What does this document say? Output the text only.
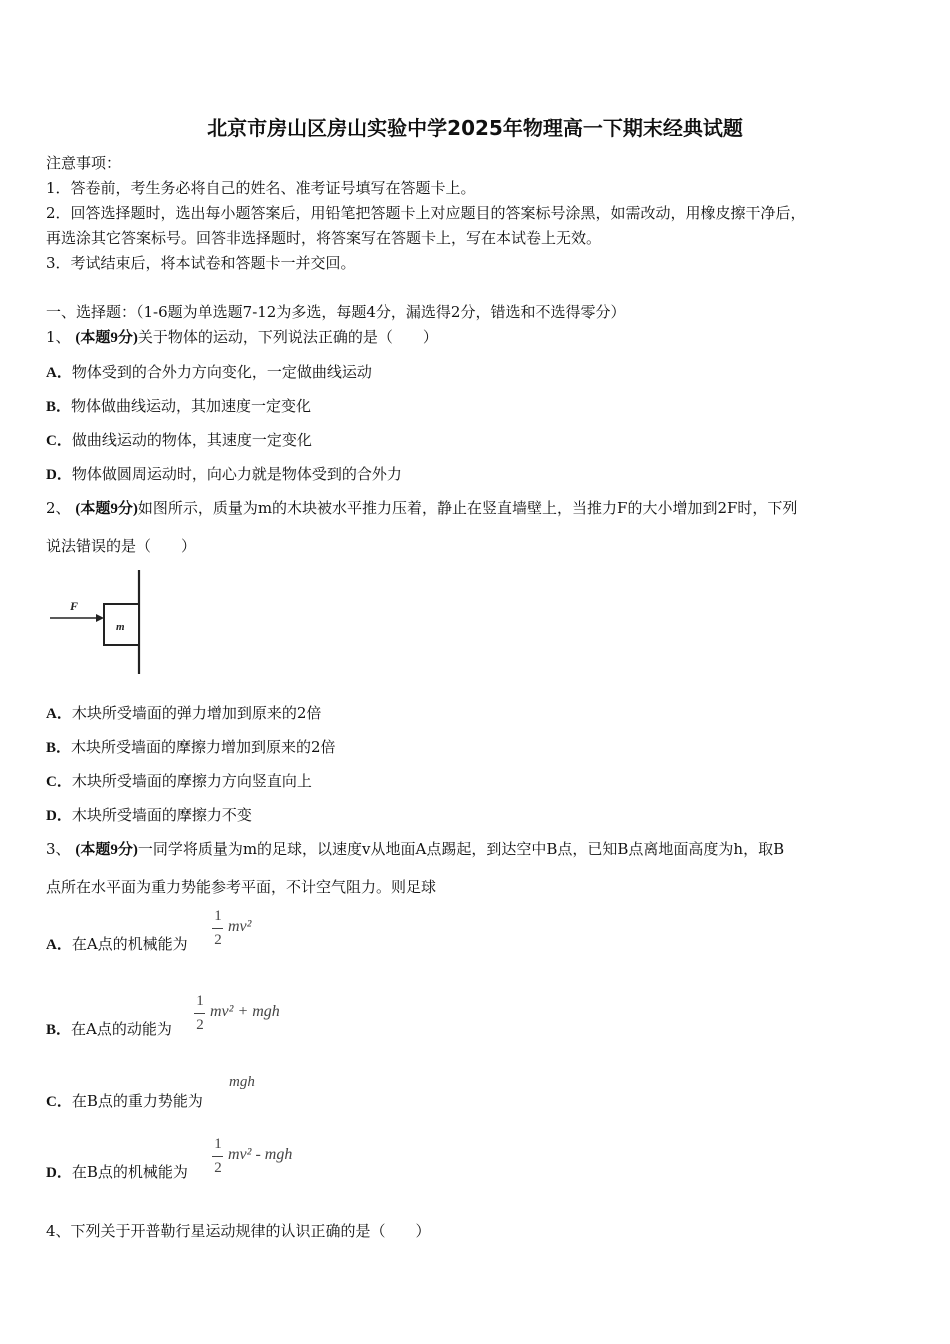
北京市房山区房山实验中学2025年物理高一下期末经典试题
注意事项：
1．答卷前，考生务必将自己的姓名、准考证号填写在答题卡上。
2．回答选择题时，选出每小题答案后，用铅笔把答题卡上对应题目的答案标号涂黑，如需改动，用橡皮擦干净后，
再选涂其它答案标号。回答非选择题时，将答案写在答题卡上，写在本试卷上无效。
3．考试结束后，将本试卷和答题卡一并交回。
一、选择题：（1-6题为单选题7-12为多选，每题4分，漏选得2分，错选和不选得零分）
1、 (本题9分)关于物体的运动，下列说法正确的是（　　）
A．物体受到的合外力方向变化，一定做曲线运动
B．物体做曲线运动，其加速度一定变化
C．做曲线运动的物体，其速度一定变化
D．物体做圆周运动时，向心力就是物体受到的合外力
2、 (本题9分)如图所示，质量为m的木块被水平推力压着，静止在竖直墙壁上，当推力F的大小增加到2F时，下列
说法错误的是（　　）
F
m
A．木块所受墙面的弹力增加到原来的2倍
B．木块所受墙面的摩擦力增加到原来的2倍
C．木块所受墙面的摩擦力方向竖直向上
D．木块所受墙面的摩擦力不变
3、 (本题9分)一同学将质量为m的足球，以速度v从地面A点踢起，到达空中B点，已知B点离地面高度为h，取B
点所在水平面为重力势能参考平面，不计空气阻力。则足球
A．在A点的机械能为
1
2
mv²
B．在A点的动能为
1
2
mv² + mgh
C．在B点的重力势能为
mgh
D．在B点的机械能为
1
2
mv² - mgh
4、下列关于开普勒行星运动规律的认识正确的是（　　）
